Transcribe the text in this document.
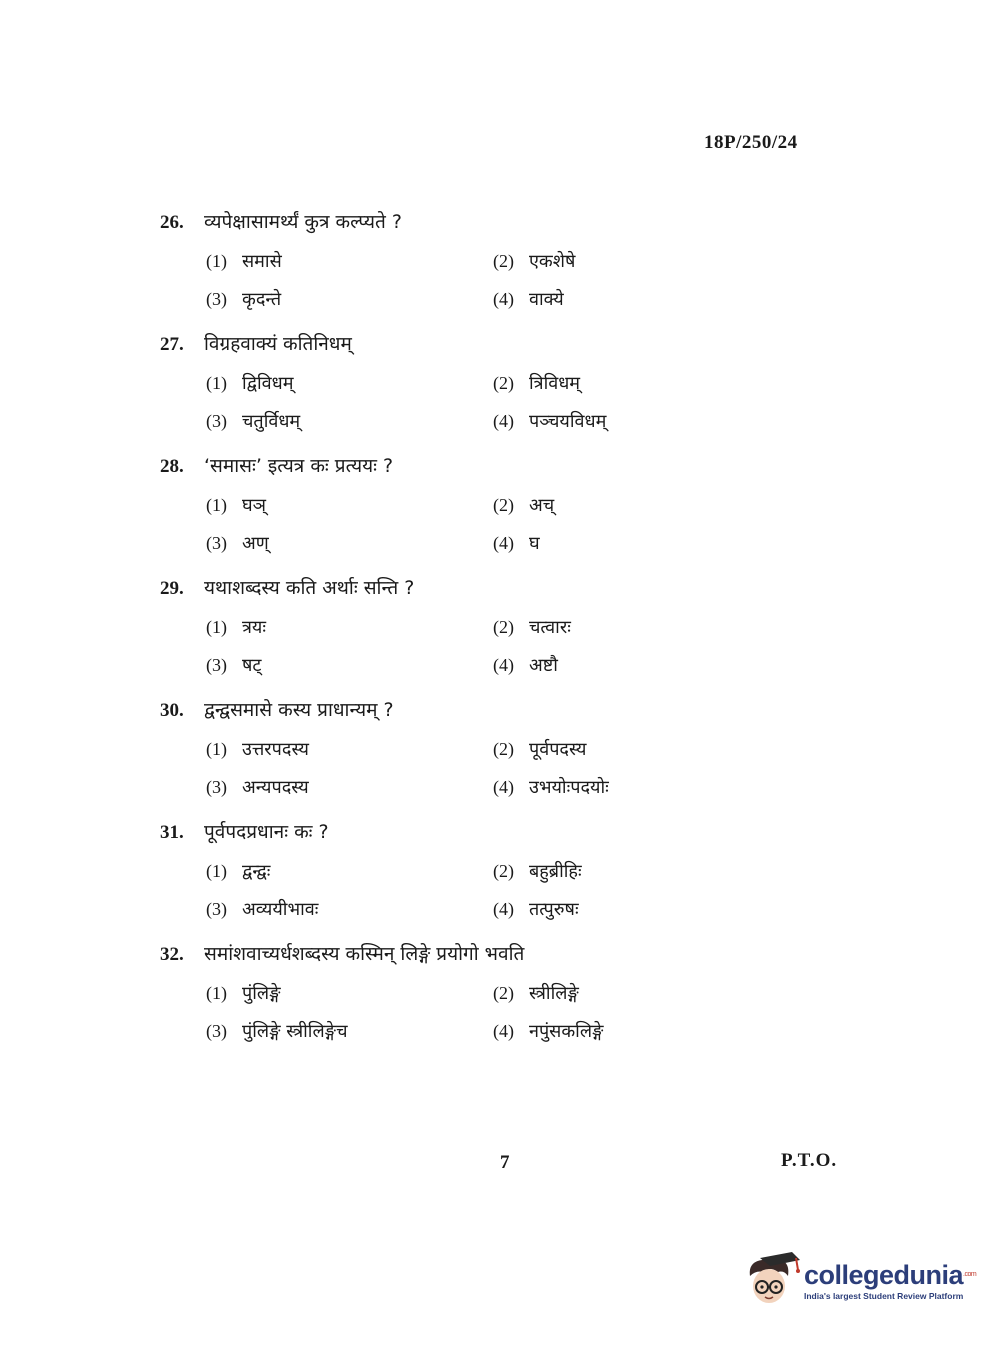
18P/250/24
26.	व्यपेक्षासामर्थ्यं कुत्र कल्प्यते ?
(1) समासे	(2) एकशेषे
(3) कृदन्ते	(4) वाक्ये
27.	विग्रहवाक्यं कतिनिधम्
(1) द्विविधम्	(2) त्रिविधम्
(3) चतुर्विधम्	(4) पञ्चयविधम्
28.	‘समासः’ इत्यत्र कः प्रत्ययः ?
(1) घञ्	(2) अच्
(3) अण्	(4) घ
29.	यथाशब्दस्य कति अर्थाः सन्ति ?
(1) त्रयः	(2) चत्वारः
(3) षट्	(4) अष्टौ
30.	द्वन्द्वसमासे कस्य प्राधान्यम् ?
(1) उत्तरपदस्य	(2) पूर्वपदस्य
(3) अन्यपदस्य	(4) उभयोःपदयोः
31.	पूर्वपदप्रधानः कः ?
(1) द्वन्द्वः	(2) बहुब्रीहिः
(3) अव्ययीभावः	(4) तत्पुरुषः
32.	समांशवाच्यर्धशब्दस्य कस्मिन् लिङ्गे प्रयोगो भवति
(1) पुंलिङ्गे	(2) स्त्रीलिङ्गे
(3) पुंलिङ्गे स्त्रीलिङ्गेच	(4) नपुंसकलिङ्गे
7	P.T.O.
collegedunia$^{.com}$
India's largest Student Review Platform
